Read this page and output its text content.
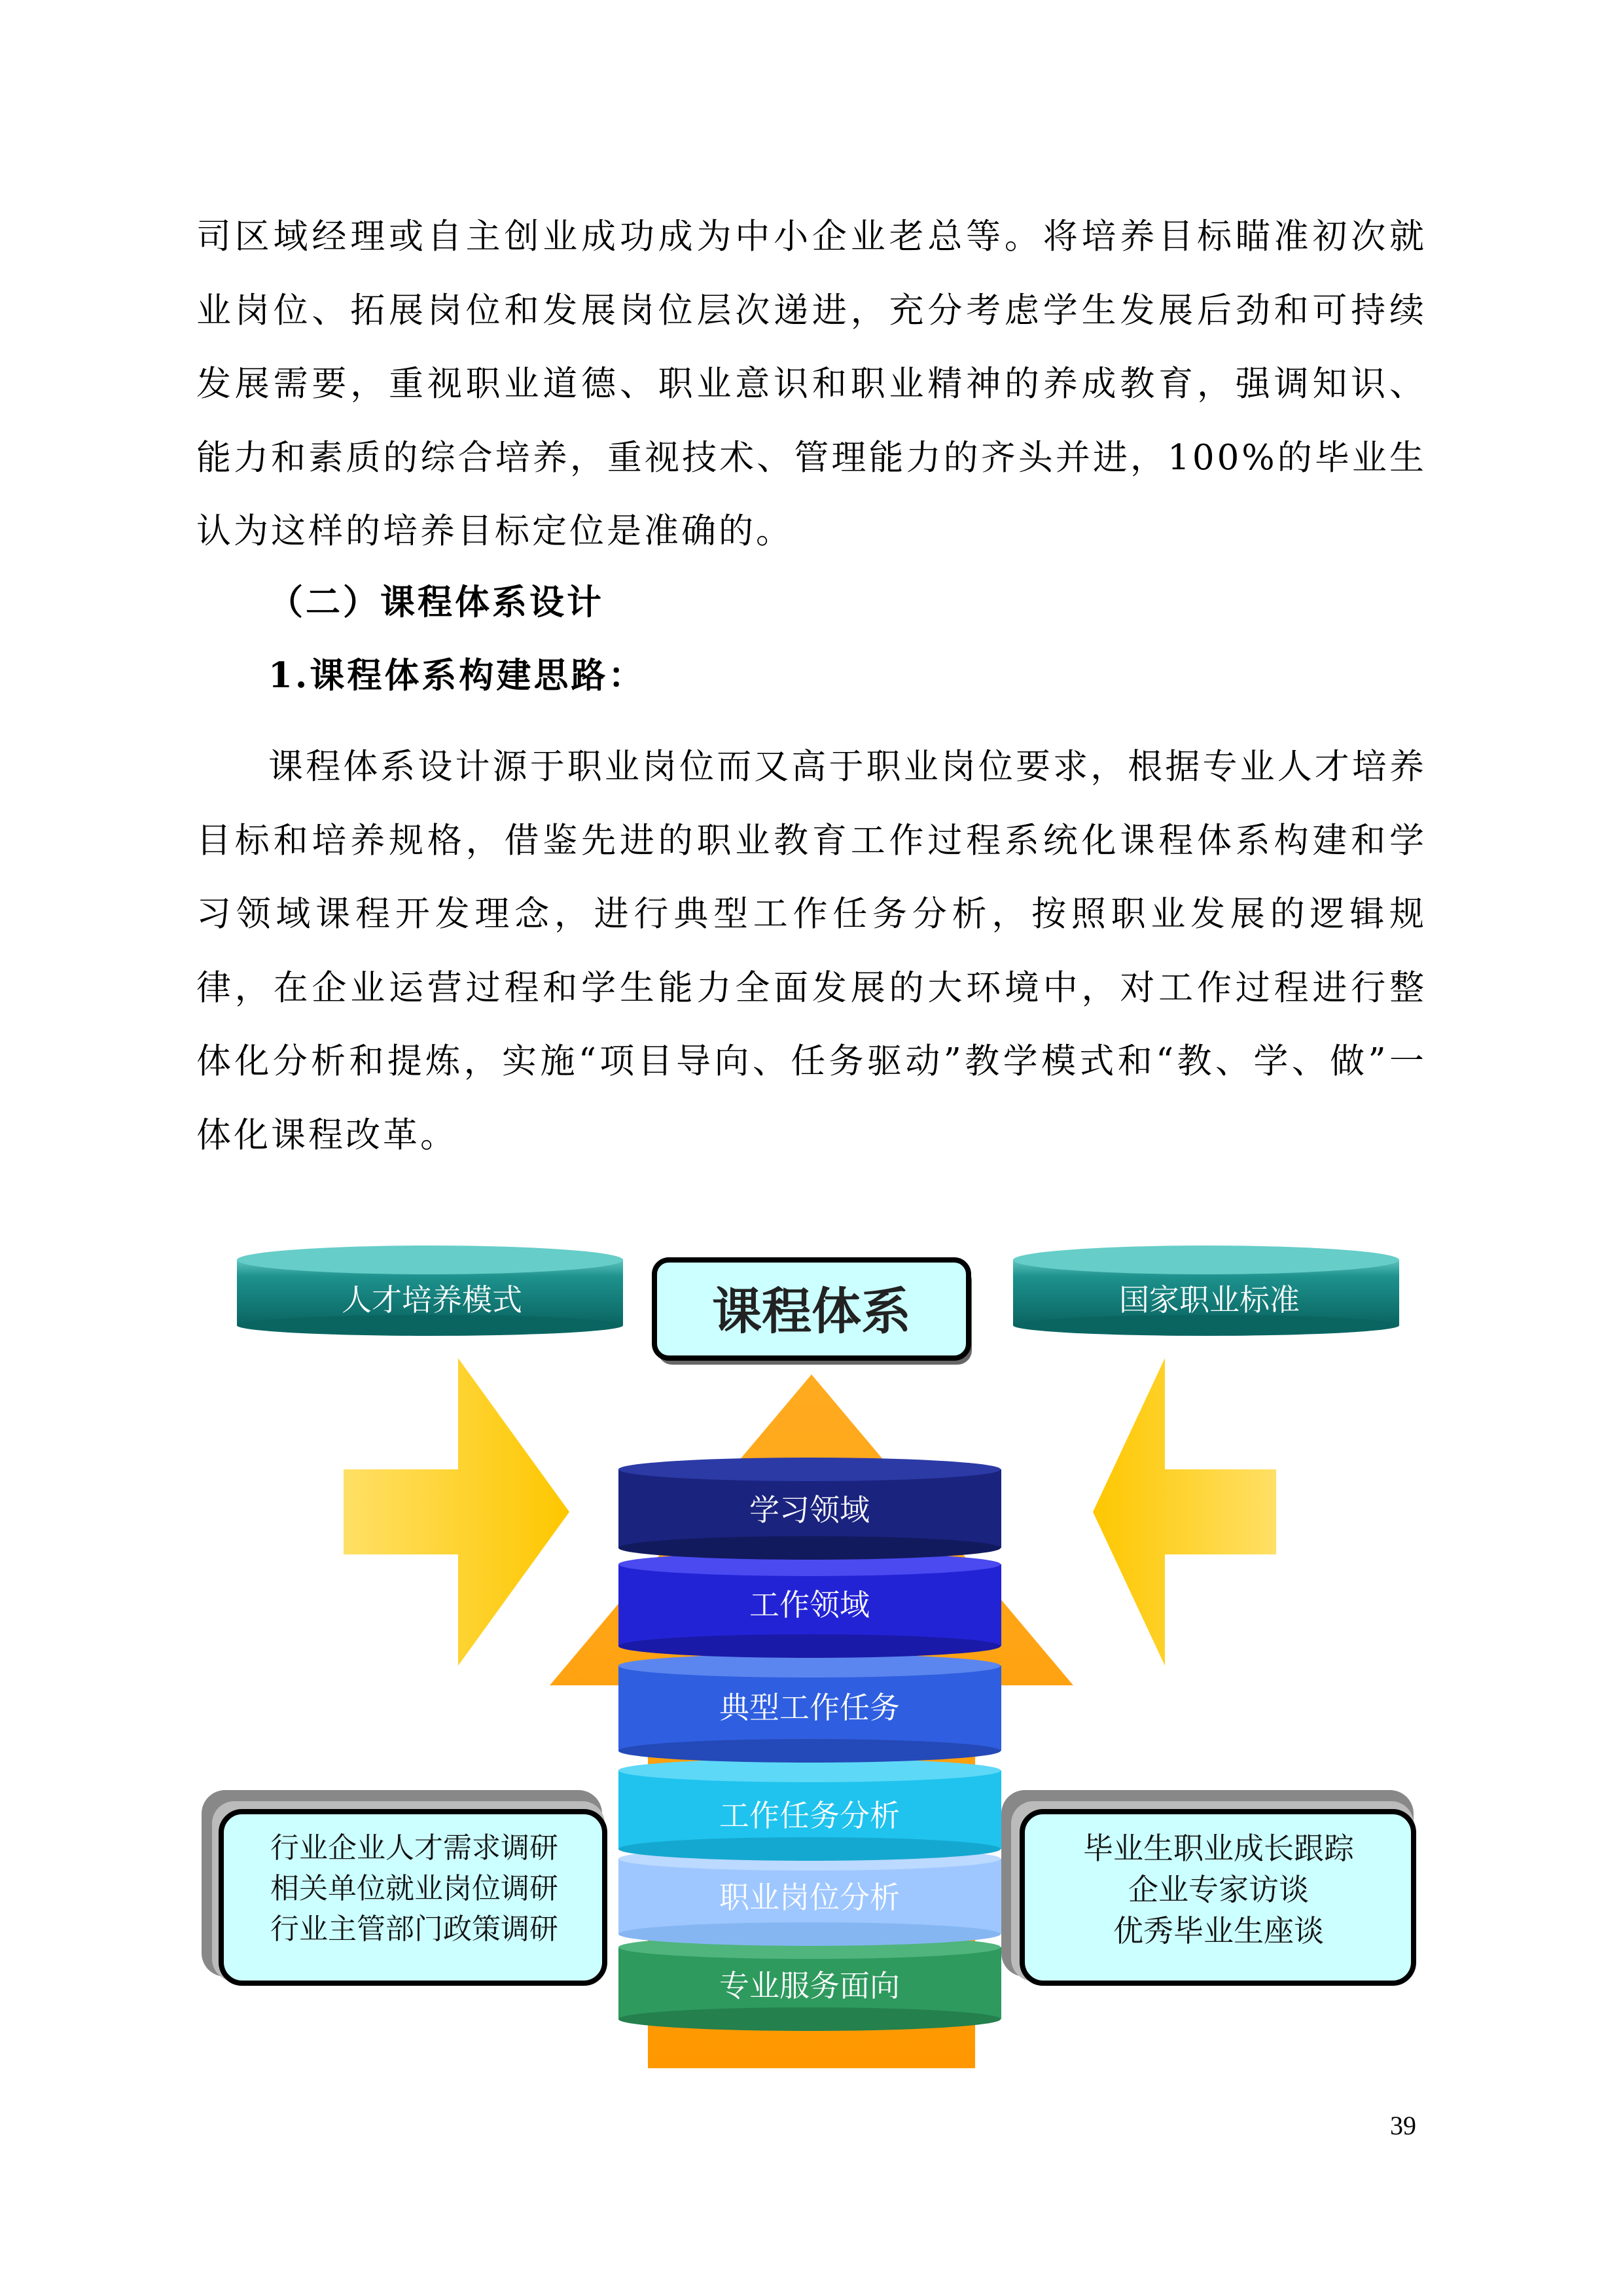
司区域经理或自主创业成功成为中小企业老总等。将培养目标瞄准初次就业岗位、拓展岗位和发展岗位层次递进，充分考虑学生发展后劲和可持续发展需要，重视职业道德、职业意识和职业精神的养成教育，强调知识、能力和素质的综合培养，重视技术、管理能力的齐头并进，100%的毕业生认为这样的培养目标定位是准确的。

（二）课程体系设计

1.课程体系构建思路：

课程体系设计源于职业岗位而又高于职业岗位要求，根据专业人才培养目标和培养规格，借鉴先进的职业教育工作过程系统化课程体系构建和学习领域课程开发理念，进行典型工作任务分析，按照职业发展的逻辑规律，在企业运营过程和学生能力全面发展的大环境中，对工作过程进行整体化分析和提炼，实施“项目导向、任务驱动”教学模式和“教、学、做”一体化课程改革。

人才培养模式	国家职业标准
课程体系
专业服务面向
职业岗位分析
工作任务分析
典型工作任务
工作领域
学习领域
行业企业人才需求调研
相关单位就业岗位调研
行业主管部门政策调研
毕业生职业成长跟踪
企业专家访谈
优秀毕业生座谈
39
